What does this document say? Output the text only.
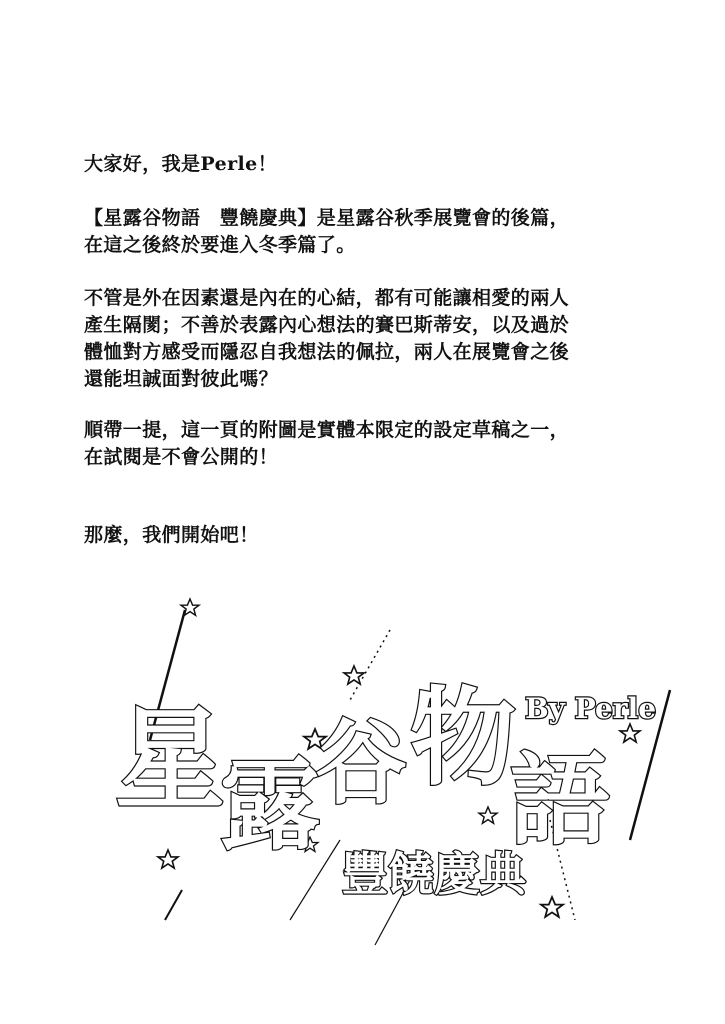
大家好，我是Perle！
【星露谷物語　豐饒慶典】是星露谷秋季展覽會的後篇，
在這之後終於要進入冬季篇了。
不管是外在因素還是內在的心結，都有可能讓相愛的兩人
產生隔閡；不善於表露內心想法的賽巴斯蒂安，以及過於
體恤對方感受而隱忍自我想法的佩拉，兩人在展覽會之後
還能坦誠面對彼此嗎？
順帶一提，這一頁的附圖是實體本限定的設定草稿之一，
在試閱是不會公開的！
那麼，我們開始吧！
星
露
谷 物
語
豐饒慶典
By Perle
